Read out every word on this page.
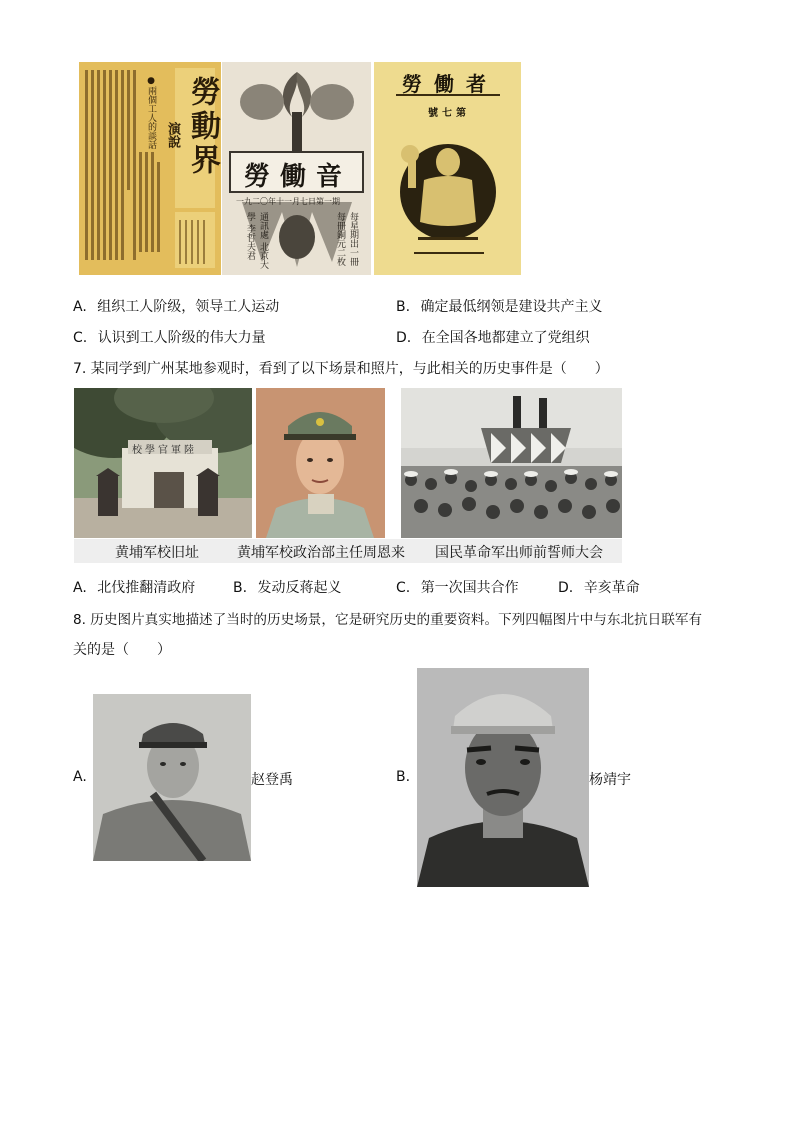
勞動界
演說
●兩個工人的談話
勞働音
一九二〇年十一月七日第一期
每星期出一冊 每冊銅元二枚
通訊處 北京大學 李哲夫君
勞働者
號七第
A. 组织工人阶级，领导工人运动	B. 确定最低纲领是建设共产主义
C. 认识到工人阶级的伟大力量	D. 在全国各地都建立了党组织
7. 某同学到广州某地参观时，看到了以下场景和照片，与此相关的历史事件是（　　）
校學官軍陸
黄埔军校旧址	黄埔军校政治部主任周恩来 国民革命军出师前誓师大会
A. 北伐推翻清政府	B. 发动反蒋起义	C. 第一次国共合作	D. 辛亥革命
8. 历史图片真实地描述了当时的历史场景，它是研究历史的重要资料。下列四幅图片中与东北抗日联军有
关的是（　　）
A.	赵登禹	B.	杨靖宇
